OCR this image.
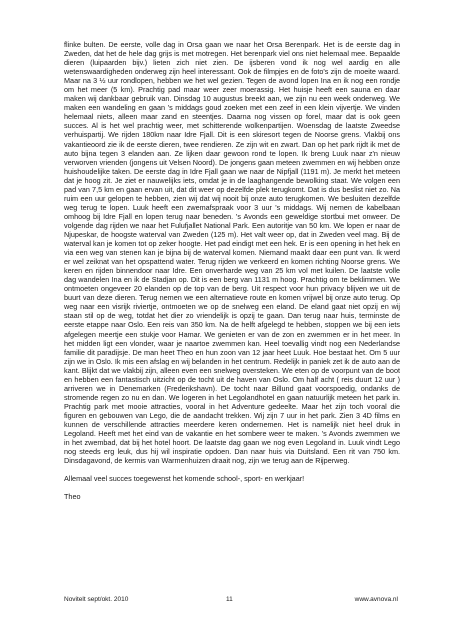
flinke bulten. De eerste, volle dag in Orsa gaan we naar het Orsa Berenpark. Het is de eerste dag in Zweden, dat het de hele dag grijs is met motregen. Het berenpark viel ons niet helemaal mee. Bepaalde dieren (luipaarden bijv.) lieten zich niet zien. De ijsberen vond ik nog wel aardig en alle wetenswaardigheden onderweg zijn heel interessant. Ook de filmpjes en de foto's zijn de moeite waard. Maar na 3 ½ uur rondlopen, hebben we het wel gezien. Tegen de avond lopen Ina en ik nog een rondje om het meer (5 km). Prachtig pad maar weer zeer moerassig. Het huisje heeft een sauna en daar maken wij dankbaar gebruik van. Dinsdag 10 augustus breekt aan, we zijn nu een week onderweg. We maken een wandeling en gaan 's middags goud zoeken met een zeef in een klein vijvertje. We vinden helemaal niets, alleen maar zand en steentjes. Daarna nog vissen op forel, maar dat is ook geen succes. Al is het wel prachtig weer, met schitterende wolkenpartijen. Woensdag de laatste Zweedse verhuispartij. We rijden 180km naar Idre Fjall. Dit is een skiresort tegen de Noorse grens. Vlakbij ons vakantieoord zie ik de eerste dieren, twee rendieren. Ze zijn wit en zwart. Dan op het park rijdt ik met de auto bijna tegen 3 elanden aan. Ze lijken daar gewoon rond te lopen. Ik breng Luuk naar z'n nieuw verworven vrienden (jongens uit Velsen Noord). De jongens gaan meteen zwemmen en wij hebben onze huishoudelijke taken. De eerste dag in Idre Fjall gaan we naar de Nipfjall (1191 m). Je merkt het meteen dat je hoog zit. Je ziet er nauwelijks iets, omdat je in de laaghangende bewolking staat. We volgen een pad van 7,5 km en gaan ervan uit, dat dit weer op dezelfde plek terugkomt. Dat is dus beslist niet zo. Na ruim een uur gelopen te hebben, zien wij dat wij nooit bij onze auto terugkomen. We besluiten dezelfde weg terug te lopen. Luuk heeft een zwemafspraak voor 3 uur 's middags. Wij nemen de kabelbaan omhoog bij Idre Fjall en lopen terug naar beneden. 's Avonds een geweldige stortbui met onweer. De volgende dag rijden we naar het Fulufjallet National Park. Een autoritje van 50 km. We lopen er naar de Njupeskar, de hoogste waterval van Zweden (125 m). Het valt weer op, dat in Zweden veel mag. Bij de waterval kan je komen tot op zeker hoogte. Het pad eindigt met een hek. Er is een opening in het hek en via een weg van stenen kan je bijna bij de waterval komen. Niemand maakt daar een punt van. Ik werd er wel zeiknat van het opspattend water. Terug rijden we verkeerd en komen richting Noorse grens. We keren en rijden binnendoor naar Idre. Een onverharde weg van 25 km vol met kuilen. De laatste volle dag wandelen Ina en ik de Stadjan op. Dit is een berg van 1131 m hoog. Prachtig om te beklimmen. We ontmoeten ongeveer 20 elanden op de top van de berg. Uit respect voor hun privacy blijven we uit de buurt van deze dieren. Terug nemen we een alternatieve route en komen vrijwel bij onze auto terug. Op weg naar een visrijk riviertje, ontmoeten we op de snelweg een eland. De eland gaat niet opzij en wij staan stil op de weg, totdat het dier zo vriendelijk is opzij te gaan. Dan terug naar huis, terminste de eerste etappe naar Oslo. Een reis van 350 km. Na de helft afgelegd te hebben, stoppen we bij een iets afgelegen meertje een stukje voor Hamar. We genieten er van de zon en zwemmen er in het meer. In het midden ligt een vlonder, waar je naartoe zwemmen kan. Heel toevallig vindt nog een Nederlandse familie dit paradijsje. De man heet Theo en hun zoon van 12 jaar heet Luuk. Hoe bestaat het. Om 5 uur zijn we in Oslo. Ik mis een afslag en wij belanden in het centrum. Redelijk in paniek zet ik de auto aan de kant. Blijkt dat we vlakbij zijn, alleen even een snelweg oversteken. We eten op de voorpunt van de boot en hebben een fantastisch uitzicht op de tocht uit de haven van Oslo. Om half acht ( reis duurt 12 uur ) arriveren we in Denemarken (Frederikshavn). De tocht naar Billund gaat voorspoedig, ondanks de stromende regen zo nu en dan. We logeren in het Legolandhotel en gaan natuurlijk meteen het park in. Prachtig park met mooie attracties, vooral in het Adventure gedeelte. Maar het zijn toch vooral die figuren en gebouwen van Lego, die de aandacht trekken. Wij zijn 7 uur in het park. Zien 3 4D films en kunnen de verschillende attracties meerdere keren ondernemen. Het is namelijk niet heel druk in Legoland. Heeft met het eind van de vakantie en het sombere weer te maken. 's Avonds zwemmen we in het zwembad, dat bij het hotel hoort. De laatste dag gaan we nog even Legoland in. Luuk vindt Lego nog steeds erg leuk, dus hij wil inspiratie opdoen. Dan naar huis via Duitsland. Een rit van 750 km. Dinsdagavond, de kermis van Warmenhuizen draait nog, zijn we terug aan de Rijperweg.

Allemaal veel succes toegewenst het komende school-, sport- en werkjaar!

Theo

Novitelt sept/okt. 2010	11	www.avnova.nl
